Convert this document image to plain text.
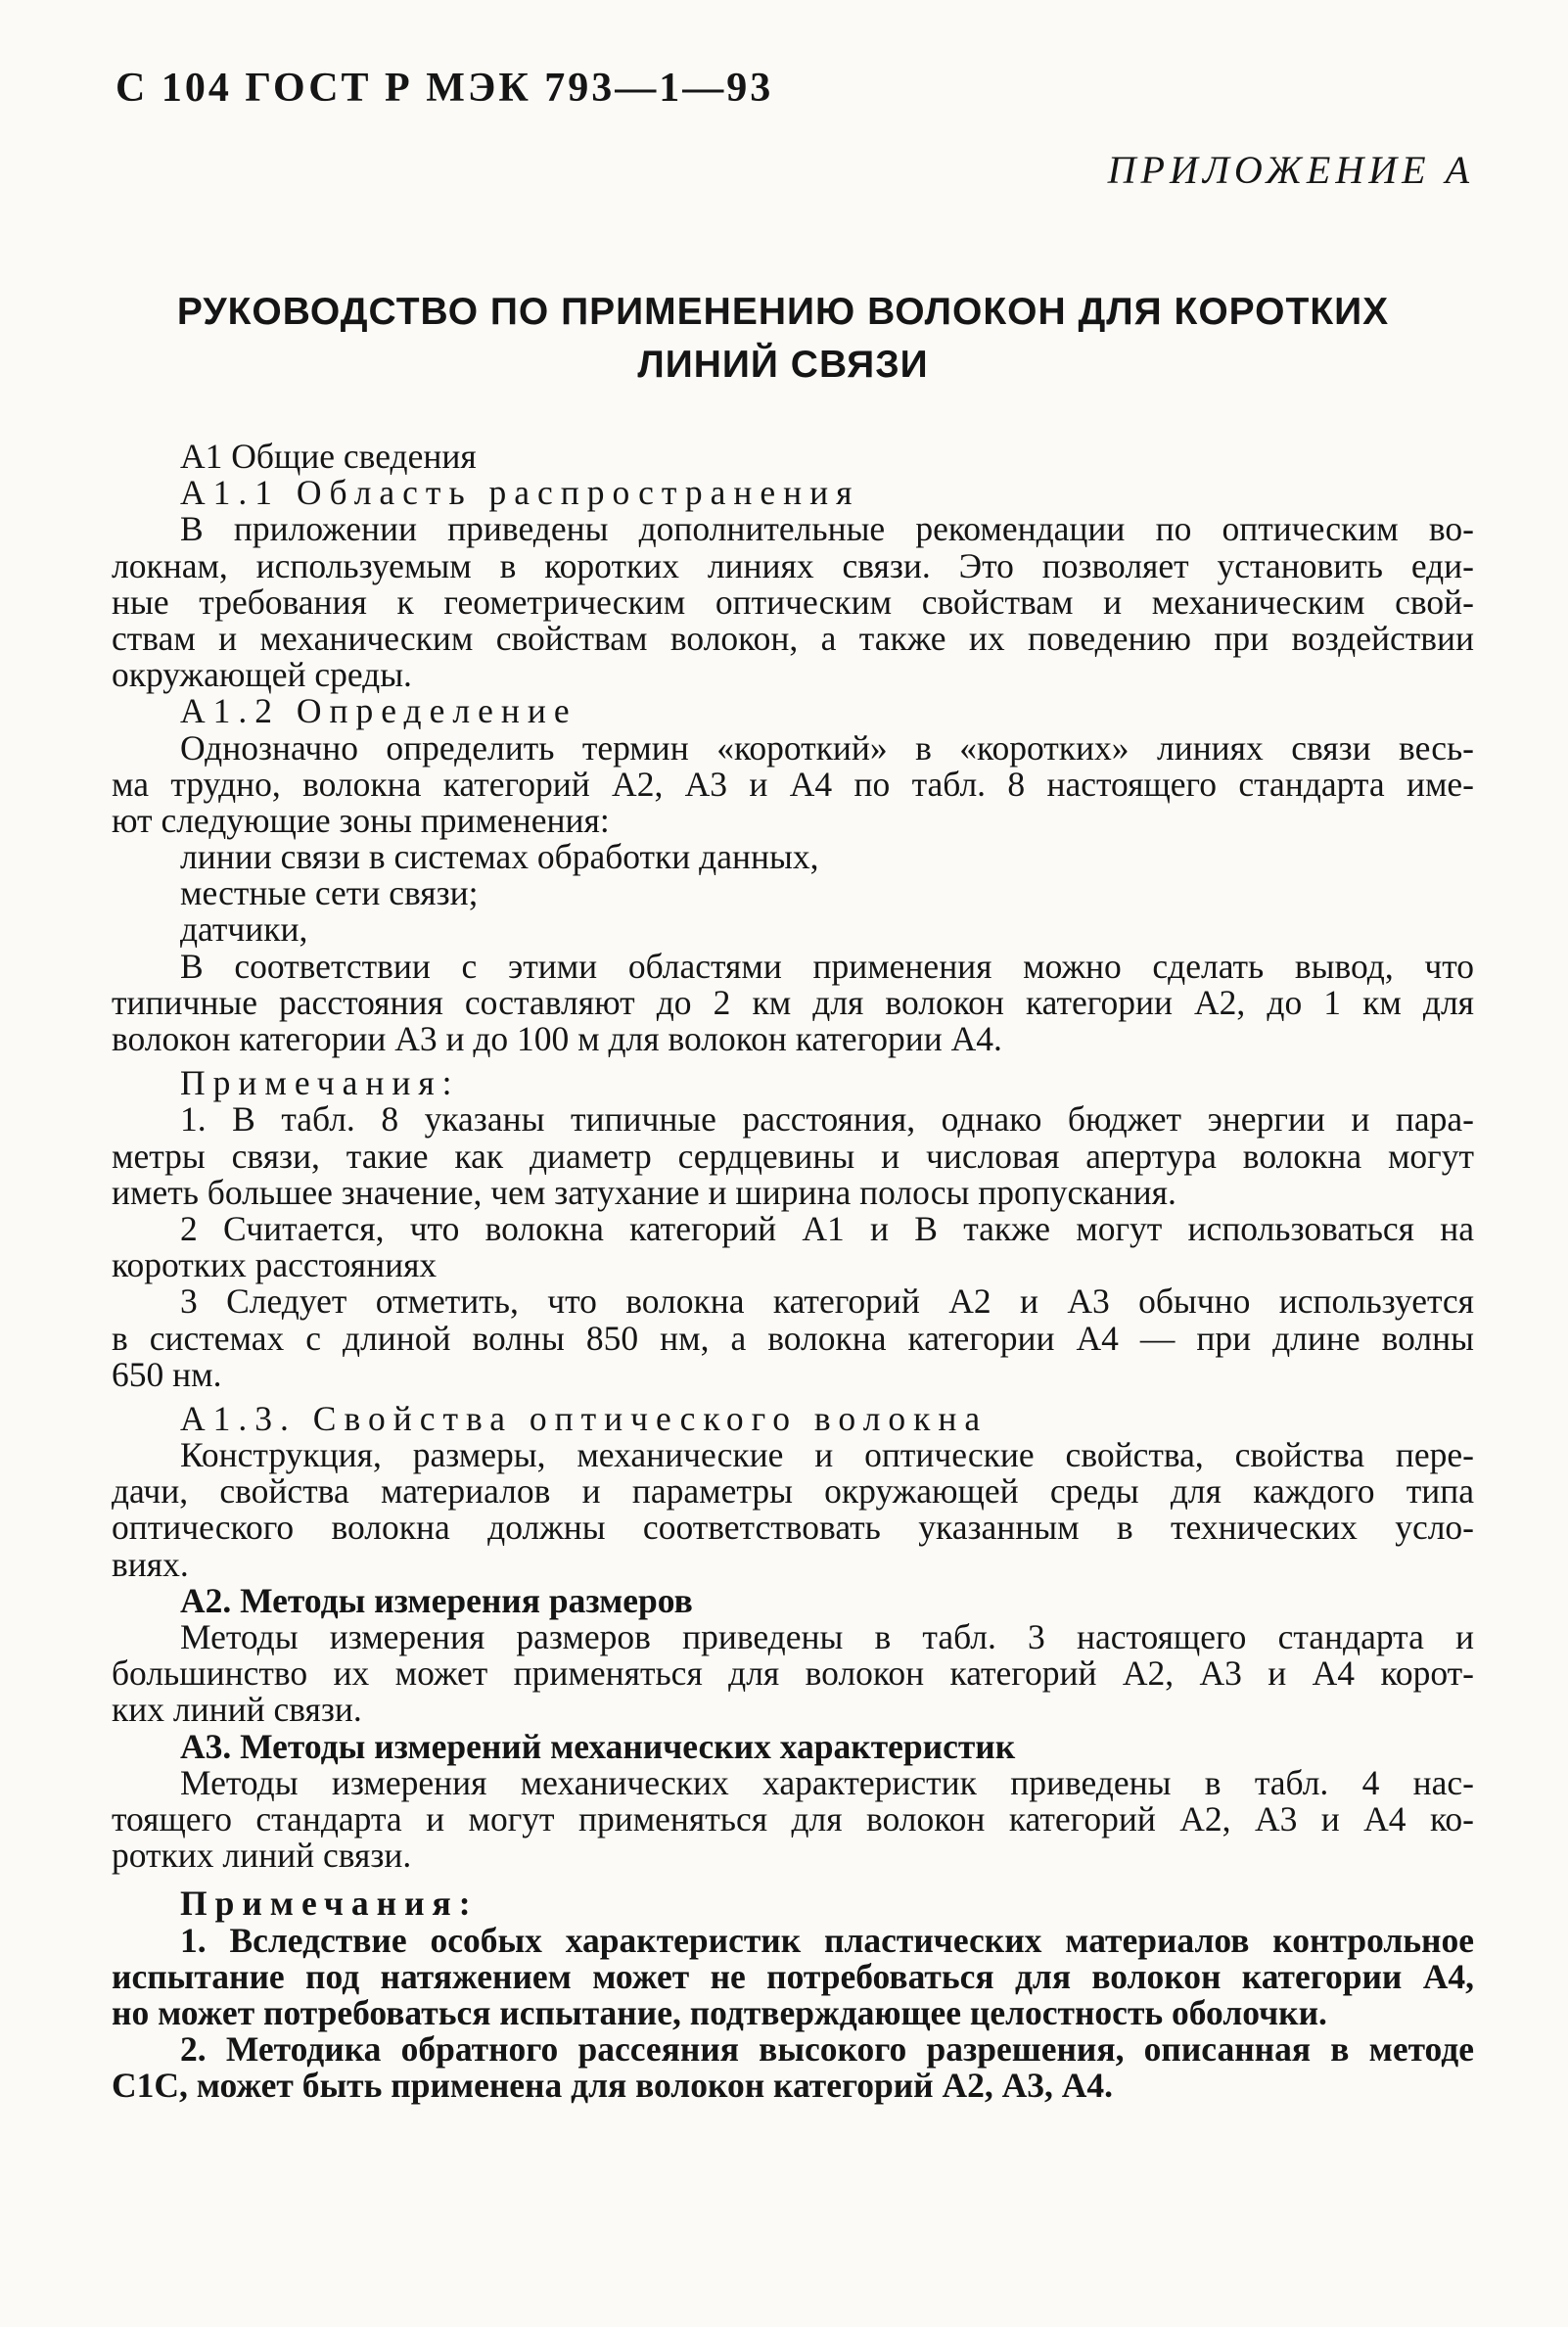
С 104 ГОСТ Р МЭК 793—1—93
ПРИЛОЖЕНИЕ А
РУКОВОДСТВО ПО ПРИМЕНЕНИЮ ВОЛОКОН ДЛЯ КОРОТКИХ
ЛИНИЙ СВЯЗИ
А1 Общие сведения
А1.1 Область распространения
В приложении приведены дополнительные рекомендации по оптическим во-
локнам, используемым в коротких линиях связи. Это позволяет установить еди-
ные требования к геометрическим оптическим свойствам и механическим свой-
ствам и механическим свойствам волокон, а также их поведению при воздействии
окружающей среды.
А1.2 Определение
Однозначно определить термин «короткий» в «коротких» линиях связи весь-
ма трудно, волокна категорий А2, А3 и А4 по табл. 8 настоящего стандарта име-
ют следующие зоны применения:
линии связи в системах обработки данных,
местные сети связи;
датчики,
В соответствии с этими областями применения можно сделать вывод, что
типичные расстояния составляют до 2 км для волокон категории А2, до 1 км для
волокон категории А3 и до 100 м для волокон категории А4.
Примечания:
1. В табл. 8 указаны типичные расстояния, однако бюджет энергии и пара-
метры связи, такие как диаметр сердцевины и числовая апертура волокна могут
иметь большее значение, чем затухание и ширина полосы пропускания.
2 Считается, что волокна категорий А1 и В также могут использоваться на
коротких расстояниях
3 Следует отметить, что волокна категорий А2 и А3 обычно используется
в системах с длиной волны 850 нм, а волокна категории А4 — при длине волны
650 нм.
А1.3. Свойства оптического волокна
Конструкция, размеры, механические и оптические свойства, свойства пере-
дачи, свойства материалов и параметры окружающей среды для каждого типа
оптического волокна должны соответствовать указанным в технических усло-
виях.
А2. Методы измерения размеров
Методы измерения размеров приведены в табл. 3 настоящего стандарта и
большинство их может применяться для волокон категорий А2, А3 и А4 корот-
ких линий связи.
А3. Методы измерений механических характеристик
Методы измерения механических характеристик приведены в табл. 4 нас-
тоящего стандарта и могут применяться для волокон категорий А2, А3 и А4 ко-
ротких линий связи.
Примечания:
1. Вследствие особых характеристик пластических материалов контрольное
испытание под натяжением может не потребоваться для волокон категории А4,
но может потребоваться испытание, подтверждающее целостность оболочки.
2. Методика обратного рассеяния высокого разрешения, описанная в методе
С1С, может быть применена для волокон категорий А2, А3, А4.
